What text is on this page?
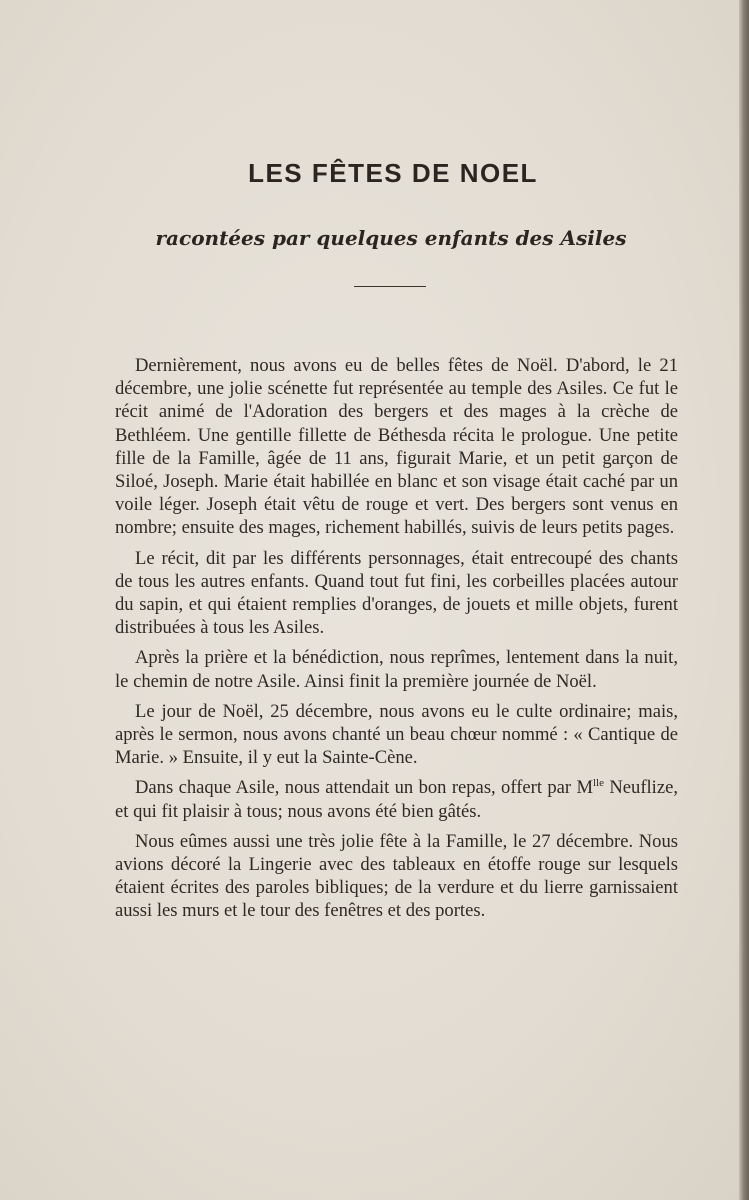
LES FÊTES DE NOEL
racontées par quelques enfants des Asiles

Dernièrement, nous avons eu de belles fêtes de Noël. D'abord, le 21 décembre, une jolie scénette fut représentée au temple des Asiles. Ce fut le récit animé de l'Adoration des bergers et des mages à la crèche de Bethléem. Une gentille fillette de Béthesda récita le prologue. Une petite fille de la Famille, âgée de 11 ans, figurait Marie, et un petit garçon de Siloé, Joseph. Marie était habillée en blanc et son visage était caché par un voile léger. Joseph était vêtu de rouge et vert. Des bergers sont venus en nombre; ensuite des mages, richement habillés, suivis de leurs petits pages.

Le récit, dit par les différents personnages, était entrecoupé des chants de tous les autres enfants. Quand tout fut fini, les corbeilles placées autour du sapin, et qui étaient remplies d'oranges, de jouets et mille objets, furent distribuées à tous les Asiles.

Après la prière et la bénédiction, nous reprîmes, lentement dans la nuit, le chemin de notre Asile. Ainsi finit la première journée de Noël.

Le jour de Noël, 25 décembre, nous avons eu le culte ordinaire; mais, après le sermon, nous avons chanté un beau chœur nommé : « Cantique de Marie. » Ensuite, il y eut la Sainte-Cène.

Dans chaque Asile, nous attendait un bon repas, offert par $M^{lle}$ Neuflize, et qui fit plaisir à tous; nous avons été bien gâtés.

Nous eûmes aussi une très jolie fête à la Famille, le 27 décembre. Nous avions décoré la Lingerie avec des tableaux en étoffe rouge sur lesquels étaient écrites des paroles bibliques; de la verdure et du lierre garnissaient aussi les murs et le tour des fenêtres et des portes.
